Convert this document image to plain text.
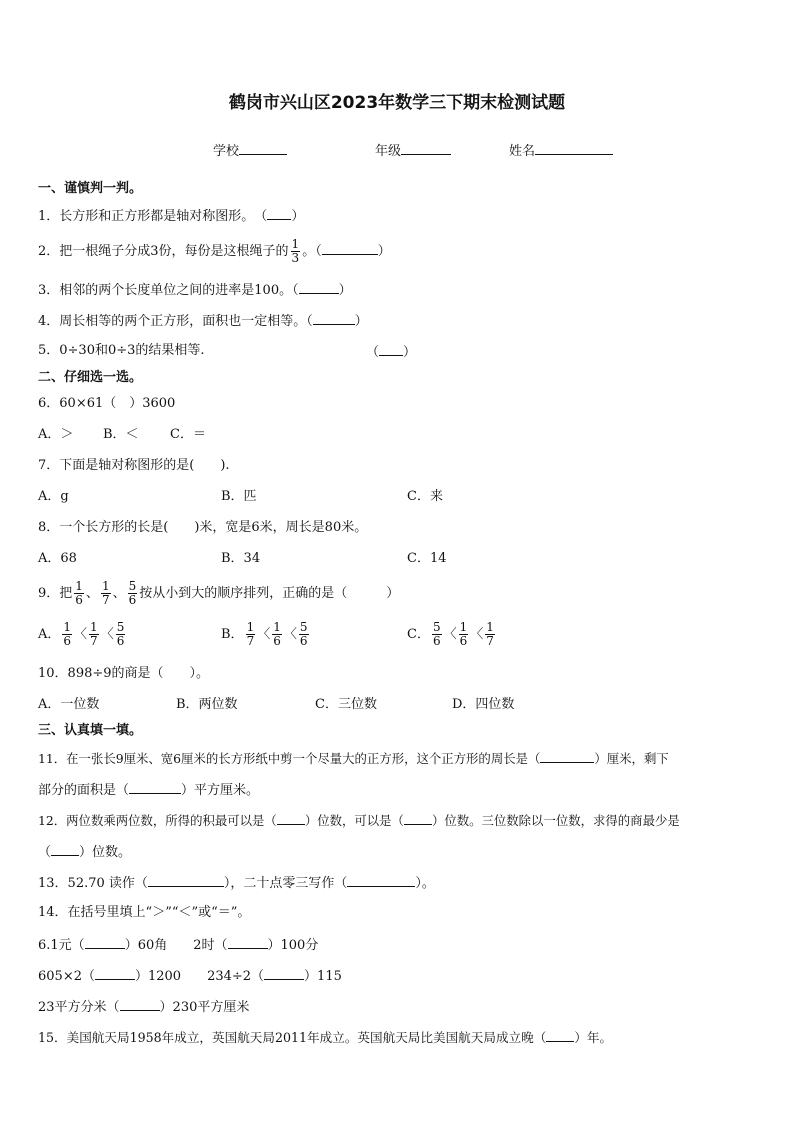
鹤岗市兴山区2023年数学三下期末检测试题
学校	年级	姓名
一、谨慎判一判。
1．长方形和正方形都是轴对称图形。　 （ ）
2．把一根绳子分成3份，每份是这根绳子的 $\frac{1}{3}$ 。（	）
3．相邻的两个长度单位之间的进率是100。（	）
4．周长相等的两个正方形，面积也一定相等。（	）
5．0÷30和0÷3的结果相等.	（ ）
二、仔细选一选。
6．60×61（　）3600
A．＞ B．＜ C．＝
7．下面是轴对称图形的是(　　).
A．g	B．匹	C．来
8．一个长方形的长是(　　)米，宽是6米，周长是80米。
A．68	B．34	C．14
9．把 $\frac{1}{6}$ 、 $\frac{1}{7}$ 、 $\frac{5}{6}$ 按从小到大的顺序排列，正确的是（　　　）
A． $\frac{1}{6}$ 〈 $\frac{1}{7}$ 〈 $\frac{5}{6}$	B． $\frac{1}{7}$ 〈 $\frac{1}{6}$ 〈 $\frac{5}{6}$	C． $\frac{5}{6}$ 〈 $\frac{1}{6}$ 〈 $\frac{1}{7}$
10．898÷9的商是（　　）。
A．一位数	B．两位数	C．三位数	D．四位数
三、认真填一填。
11．在一张长9厘米、宽6厘米的长方形纸中剪一个尽量大的正方形，这个正方形的周长是（	）厘米，剩下
部分的面积是（	）平方厘米。
12．两位数乘两位数，所得的积最可以是（ ）位数，可以是（ ）位数。三位数除以一位数，求得的商最少是
（ ）位数。
13．52.70 读作（	），二十点零三写作（	）。
14．在括号里填上“＞”“＜”或“＝”。
6.1元（	）60角　　2时（	）100分
605×2（	）1200　　234÷2（	）115
23平方分米（	）230平方厘米
15．美国航天局1958年成立，英国航天局2011年成立。英国航天局比美国航天局成立晚（ ）年。
